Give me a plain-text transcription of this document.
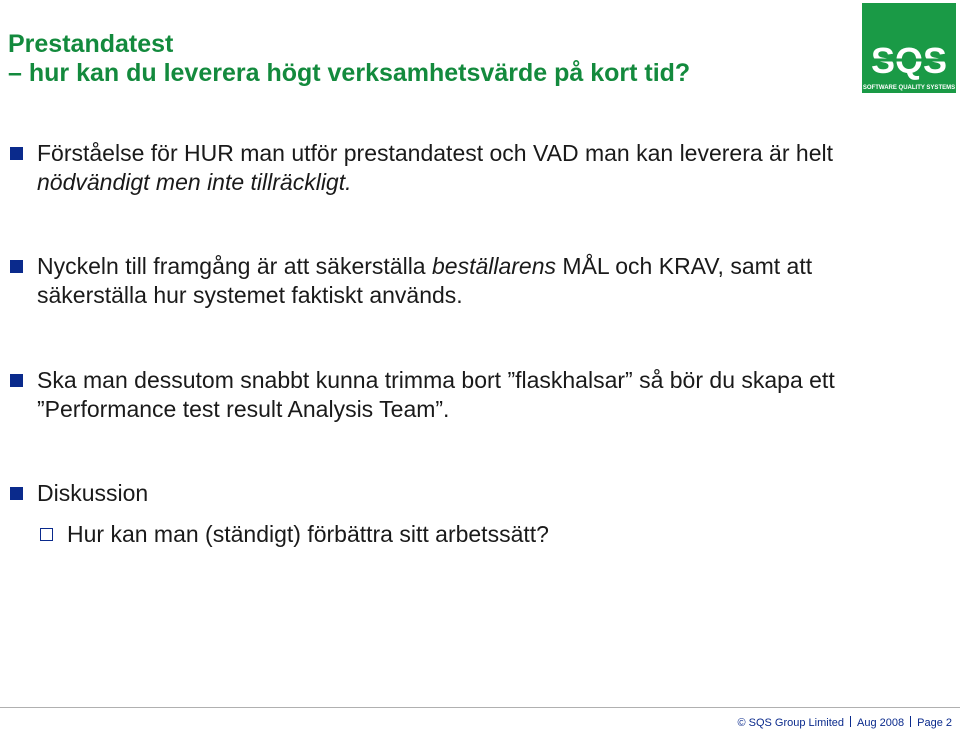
Prestandatest
– hur kan du leverera högt verksamhetsvärde på kort tid?	SQS
SOFTWARE QUALITY SYSTEMS
Förståelse för HUR man utför prestandatest och VAD man kan leverera är helt
nödvändigt men inte tillräckligt.
Nyckeln till framgång är att säkerställa beställarens MÅL och KRAV, samt att
säkerställa hur systemet faktiskt används.
Ska man dessutom snabbt kunna trimma bort ”flaskhalsar” så bör du skapa ett
”Performance test result Analysis Team”.
Diskussion
Hur kan man (ständigt) förbättra sitt arbetssätt?
© SQS Group Limited Aug 2008 Page 2
